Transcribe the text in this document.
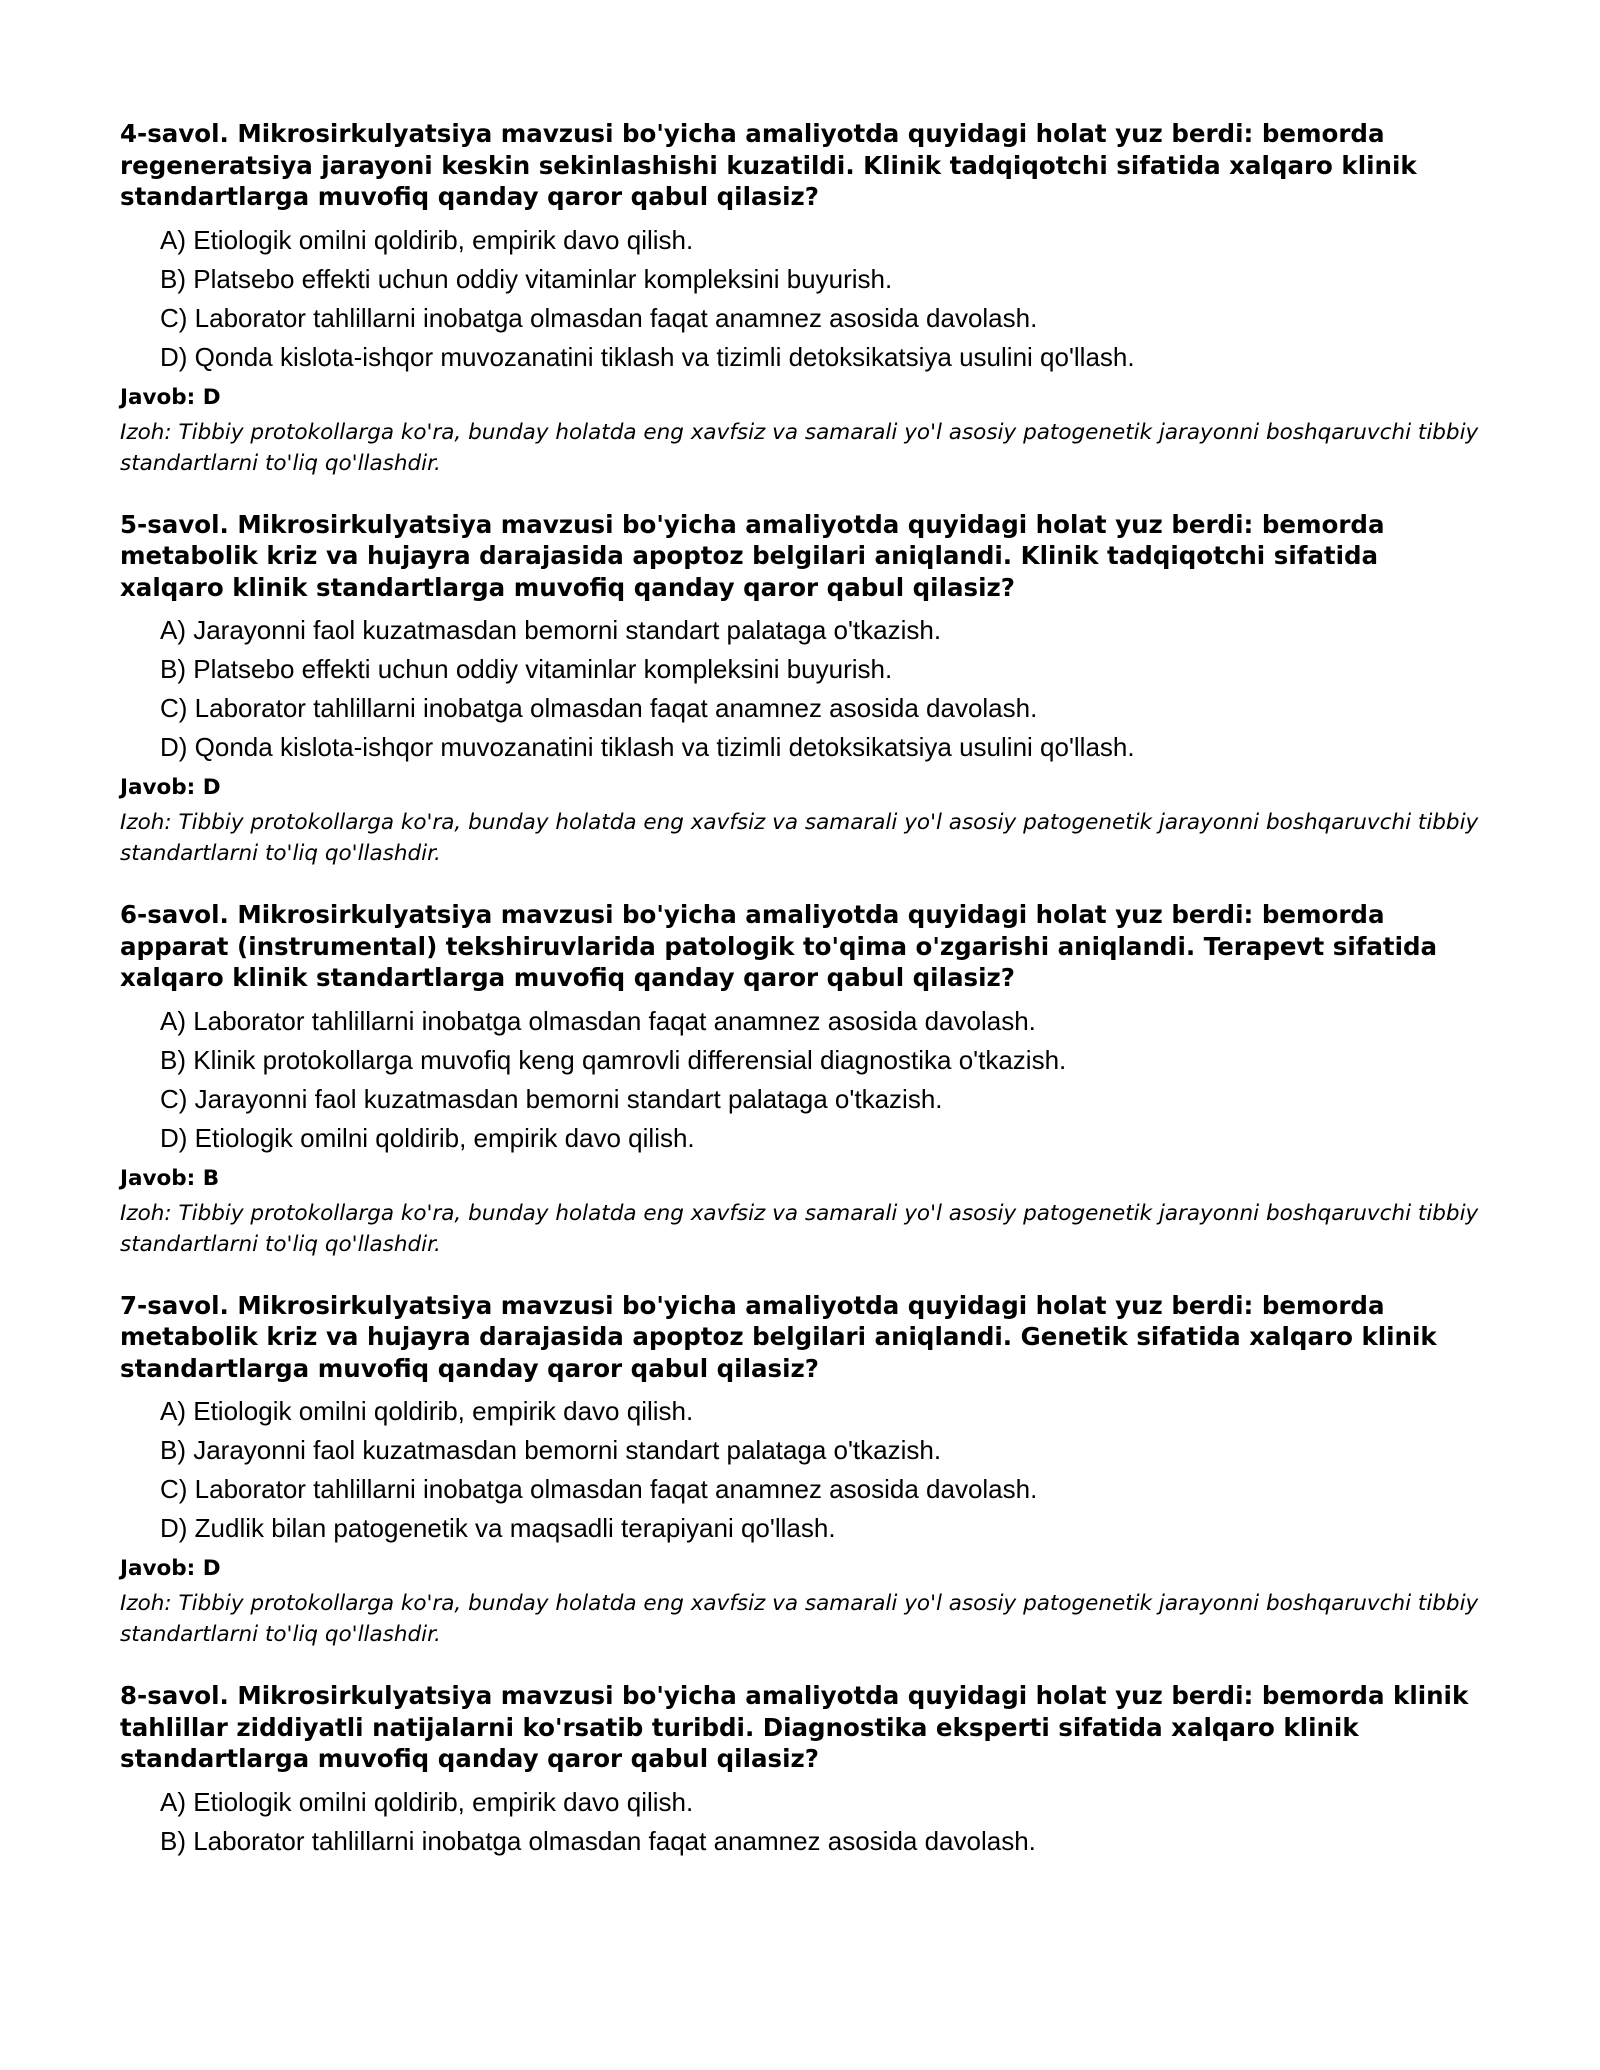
4-savol. Mikrosirkulyatsiya mavzusi bo'yicha amaliyotda quyidagi holat yuz berdi: bemorda regeneratsiya jarayoni keskin sekinlashishi kuzatildi. Klinik tadqiqotchi sifatida xalqaro klinik standartlarga muvofiq qanday qaror qabul qilasiz?

A) Etiologik omilni qoldirib, empirik davo qilish.
B) Platsebo effekti uchun oddiy vitaminlar kompleksini buyurish.
C) Laborator tahlillarni inobatga olmasdan faqat anamnez asosida davolash.
D) Qonda kislota-ishqor muvozanatini tiklash va tizimli detoksikatsiya usulini qo'llash.

Javob: D

Izoh: Tibbiy protokollarga ko'ra, bunday holatda eng xavfsiz va samarali yo'l asosiy patogenetik jarayonni boshqaruvchi tibbiy standartlarni to'liq qo'llashdir.

5-savol. Mikrosirkulyatsiya mavzusi bo'yicha amaliyotda quyidagi holat yuz berdi: bemorda metabolik kriz va hujayra darajasida apoptoz belgilari aniqlandi. Klinik tadqiqotchi sifatida xalqaro klinik standartlarga muvofiq qanday qaror qabul qilasiz?

A) Jarayonni faol kuzatmasdan bemorni standart palataga o'tkazish.
B) Platsebo effekti uchun oddiy vitaminlar kompleksini buyurish.
C) Laborator tahlillarni inobatga olmasdan faqat anamnez asosida davolash.
D) Qonda kislota-ishqor muvozanatini tiklash va tizimli detoksikatsiya usulini qo'llash.

Javob: D

Izoh: Tibbiy protokollarga ko'ra, bunday holatda eng xavfsiz va samarali yo'l asosiy patogenetik jarayonni boshqaruvchi tibbiy standartlarni to'liq qo'llashdir.

6-savol. Mikrosirkulyatsiya mavzusi bo'yicha amaliyotda quyidagi holat yuz berdi: bemorda apparat (instrumental) tekshiruvlarida patologik to'qima o'zgarishi aniqlandi. Terapevt sifatida xalqaro klinik standartlarga muvofiq qanday qaror qabul qilasiz?

A) Laborator tahlillarni inobatga olmasdan faqat anamnez asosida davolash.
B) Klinik protokollarga muvofiq keng qamrovli differensial diagnostika o'tkazish.
C) Jarayonni faol kuzatmasdan bemorni standart palataga o'tkazish.
D) Etiologik omilni qoldirib, empirik davo qilish.

Javob: B

Izoh: Tibbiy protokollarga ko'ra, bunday holatda eng xavfsiz va samarali yo'l asosiy patogenetik jarayonni boshqaruvchi tibbiy standartlarni to'liq qo'llashdir.

7-savol. Mikrosirkulyatsiya mavzusi bo'yicha amaliyotda quyidagi holat yuz berdi: bemorda metabolik kriz va hujayra darajasida apoptoz belgilari aniqlandi. Genetik sifatida xalqaro klinik standartlarga muvofiq qanday qaror qabul qilasiz?

A) Etiologik omilni qoldirib, empirik davo qilish.
B) Jarayonni faol kuzatmasdan bemorni standart palataga o'tkazish.
C) Laborator tahlillarni inobatga olmasdan faqat anamnez asosida davolash.
D) Zudlik bilan patogenetik va maqsadli terapiyani qo'llash.

Javob: D

Izoh: Tibbiy protokollarga ko'ra, bunday holatda eng xavfsiz va samarali yo'l asosiy patogenetik jarayonni boshqaruvchi tibbiy standartlarni to'liq qo'llashdir.

8-savol. Mikrosirkulyatsiya mavzusi bo'yicha amaliyotda quyidagi holat yuz berdi: bemorda klinik tahlillar ziddiyatli natijalarni ko'rsatib turibdi. Diagnostika eksperti sifatida xalqaro klinik standartlarga muvofiq qanday qaror qabul qilasiz?

A) Etiologik omilni qoldirib, empirik davo qilish.
B) Laborator tahlillarni inobatga olmasdan faqat anamnez asosida davolash.
